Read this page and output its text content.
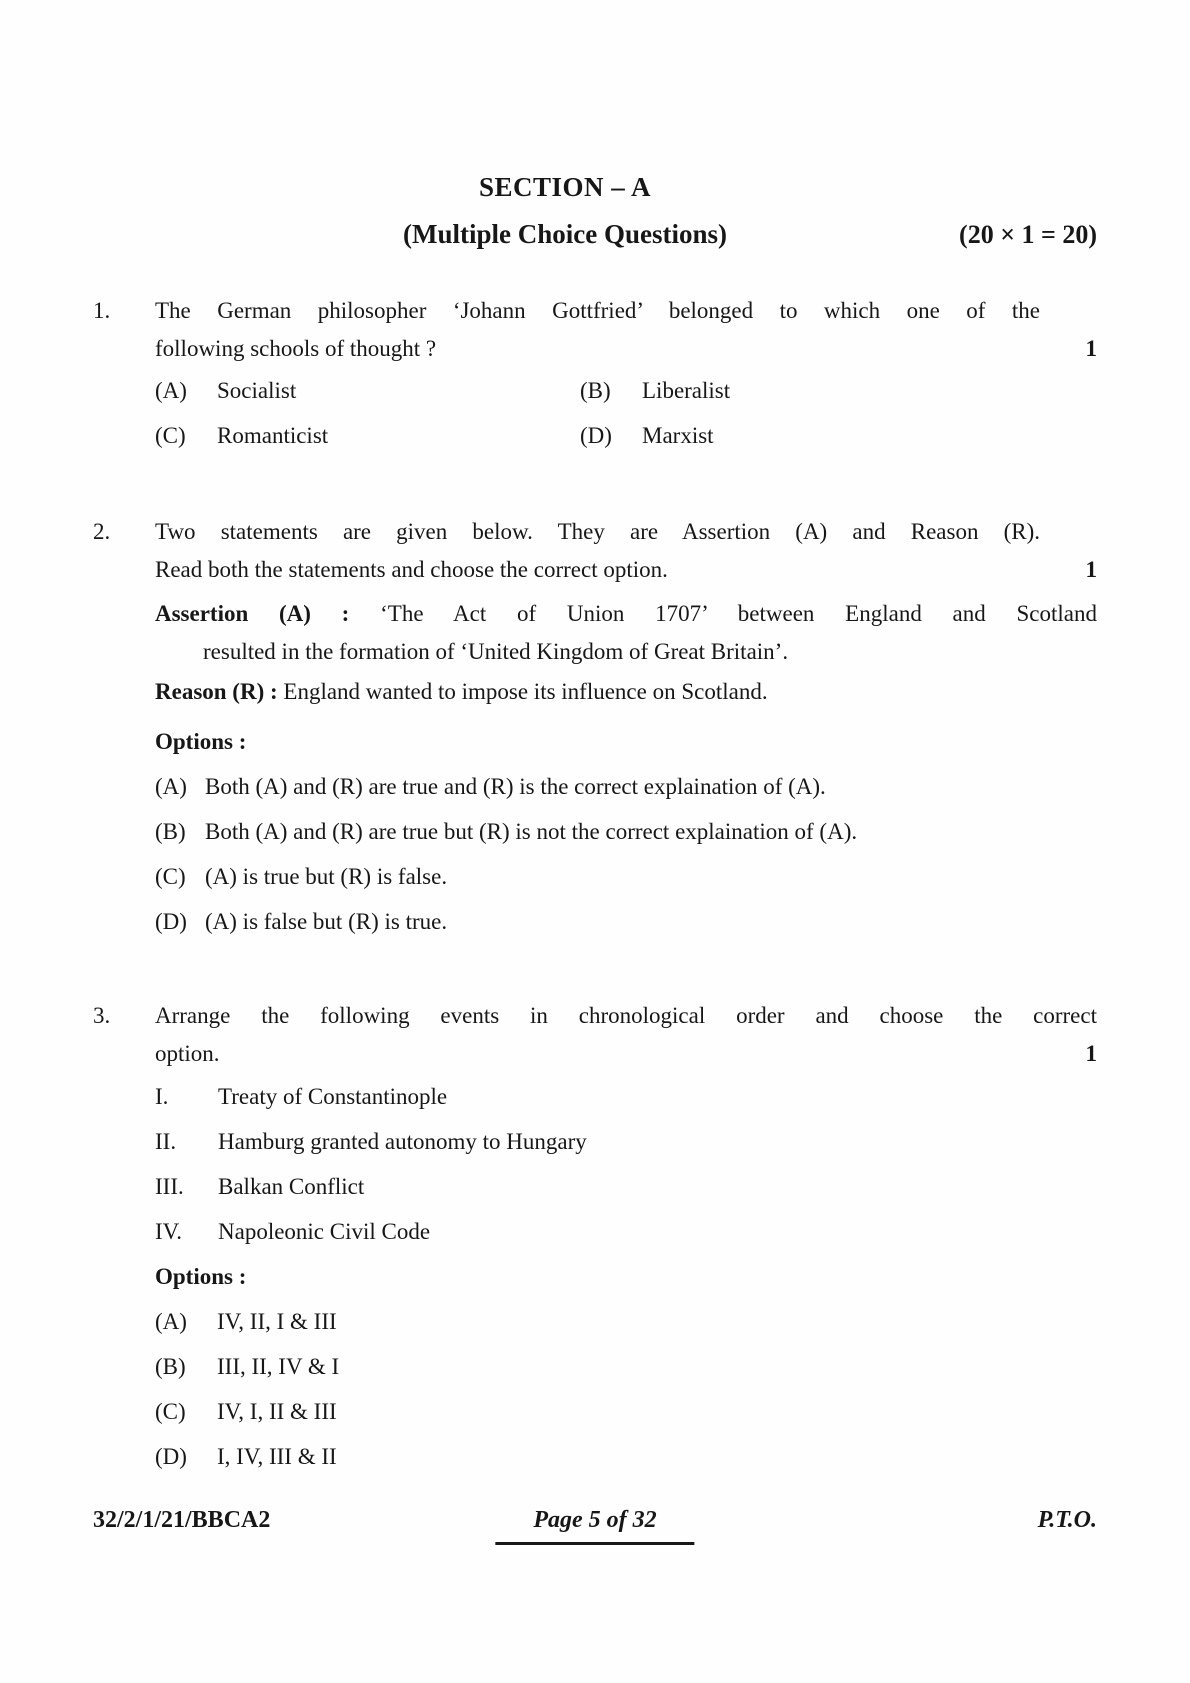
SECTION – A
(Multiple Choice Questions)	(20 × 1 = 20)
1.	The German philosopher ‘Johann Gottfried’ belonged to which one of the
following schools of thought ?	1
(A)	Socialist	(B)	Liberalist
(C)	Romanticist	(D)	Marxist
2.	Two statements are given below. They are Assertion (A) and Reason (R).
Read both the statements and choose the correct option.	1
Assertion (A) : ‘The Act of Union 1707’ between England and Scotland
resulted in the formation of ‘United Kingdom of Great Britain’.
Reason (R) : England wanted to impose its influence on Scotland.
Options :
(A) Both (A) and (R) are true and (R) is the correct explaination of (A).
(B) Both (A) and (R) are true but (R) is not the correct explaination of (A).
(C) (A) is true but (R) is false.
(D) (A) is false but (R) is true.
3.	Arrange the following events in chronological order and choose the correct
option.	1
I.	Treaty of Constantinople
II.	Hamburg granted autonomy to Hungary
III.	Balkan Conflict
IV.	Napoleonic Civil Code
Options :
(A)	IV, II, I & III
(B)	III, II, IV & I
(C)	IV, I, II & III
(D)	I, IV, III & II
32/2/1/21/BBCA2	Page 5 of 32	P.T.O.
